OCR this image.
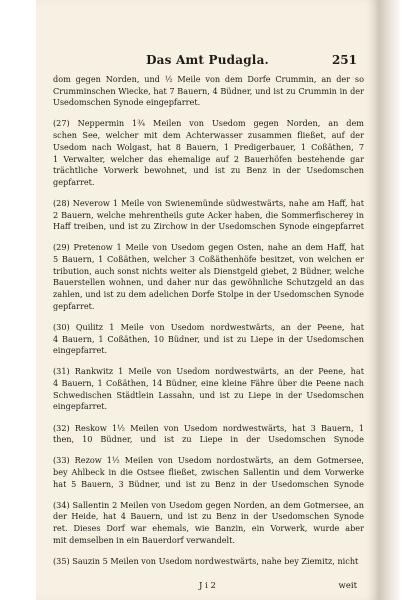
Das Amt Pudagla.	251

dom gegen Norden, und ½ Meile von dem Dorfe Crummin, an der so
Crumminschen Wiecke, hat 7 Bauern, 4 Büdner, und ist zu Crummin in der
Usedomschen Synode eingepfarret.

(27) Neppermin 1¾ Meilen von Usedom gegen Norden, an dem
schen See, welcher mit dem Achterwasser zusammen fließet, auf der
Usedom nach Wolgast, hat 8 Bauern, 1 Predigerbauer, 1 Coßäthen, 7
1 Verwalter, welcher das ehemalige auf 2 Bauerhöfen bestehende gar
trächtliche Vorwerk bewohnet, und ist zu Benz in der Usedomschen
gepfarret.

(28) Neverow 1 Meile von Swienemünde südwestwärts, nahe am Haff, hat
2 Bauern, welche mehrentheils gute Acker haben, die Sommerfischerey in
Haff treiben, und ist zu Zirchow in der Usedomschen Synode eingepfarret

(29) Pretenow 1 Meile von Usedom gegen Osten, nahe an dem Haff, hat
5 Bauern, 1 Coßäthen, welcher 3 Coßäthenhöfe besitzet, von welchen er
tribution, auch sonst nichts weiter als Dienstgeld giebet, 2 Büdner, welche
Bauerstellen wohnen, und daher nur das gewöhnliche Schutzgeld an das
zahlen, und ist zu dem adelichen Dorfe Stolpe in der Usedomschen Synode
gepfarret.

(30) Quilitz 1 Meile von Usedom nordwestwärts, an der Peene, hat
4 Bauern, 1 Coßäthen, 10 Büdner, und ist zu Liepe in der Usedomschen
eingepfarret.

(31) Rankwitz 1 Meile von Usedom nordwestwärts, an der Peene, hat
4 Bauern, 1 Coßäthen, 14 Büdner, eine kleine Fähre über die Peene nach
Schwedischen Städtlein Lassahn, und ist zu Liepe in der Usedomschen
eingepfarret.

(32) Reskow 1½ Meilen von Usedom nordwestwärts, hat 3 Bauern, 1
then, 10 Büdner, und ist zu Liepe in der Usedomschen Synode

(33) Rezow 1½ Meilen von Usedom nordostwärts, an dem Gotmersee,
bey Ahlbeck in die Ostsee fließet, zwischen Sallentin und dem Vorwerke
hat 5 Bauern, 3 Büdner, und ist zu Benz in der Usedomschen Synode

(34) Sallentin 2 Meilen von Usedom gegen Norden, an dem Gotmersee, an
der Heide, hat 4 Bauern, und ist zu Benz in der Usedomschen Synode
ret. Dieses Dorf war ehemals, wie Banzin, ein Vorwerk, wurde aber
mit demselben in ein Bauerdorf verwandelt.

(35) Sauzin 5 Meilen von Usedom nordwestwärts, nahe bey Ziemitz, nicht

J i 2	weit
